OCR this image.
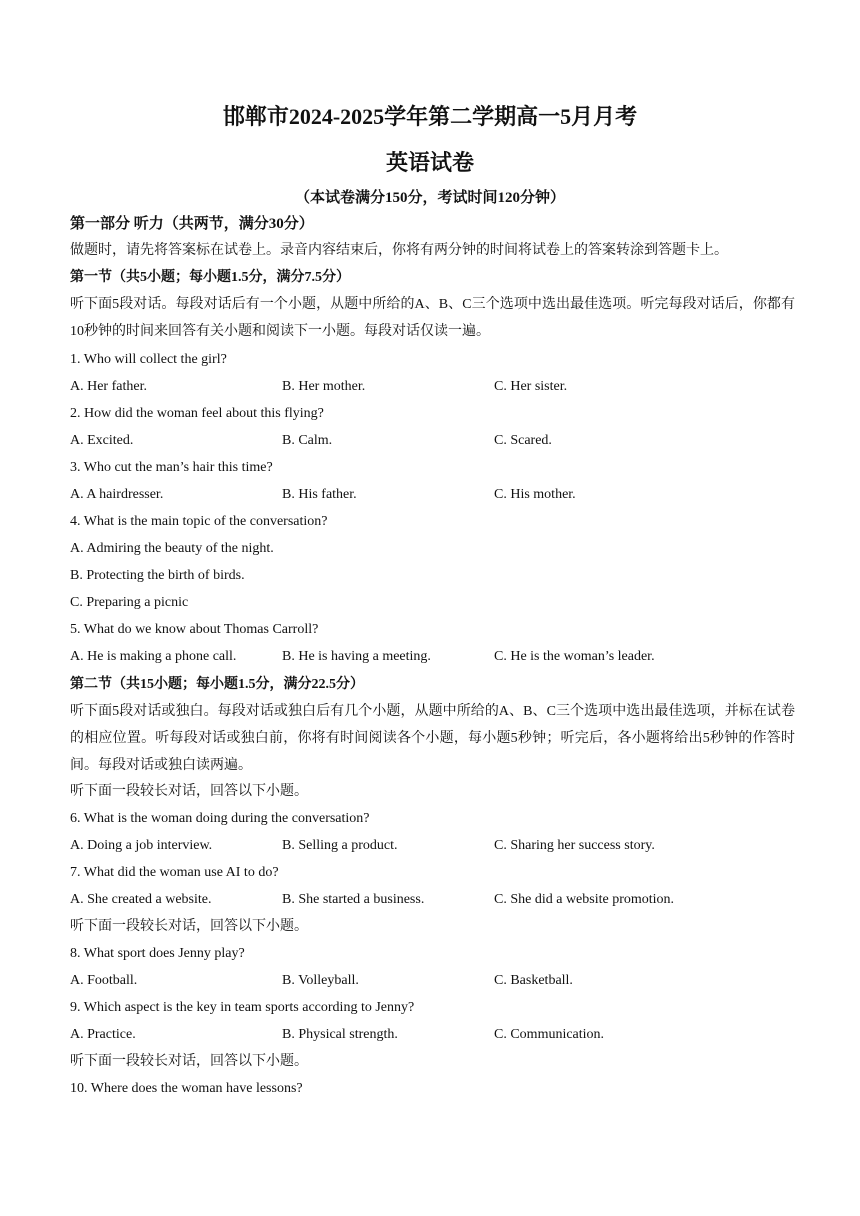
邯郸市2024-2025学年第二学期高一5月月考
英语试卷
（本试卷满分150分，考试时间120分钟）
第一部分 听力（共两节，满分30分）
做题时，请先将答案标在试卷上。录音内容结束后，你将有两分钟的时间将试卷上的答案转涂到答题卡上。
第一节（共5小题；每小题1.5分，满分7.5分）
听下面5段对话。每段对话后有一个小题，从题中所给的A、B、C三个选项中选出最佳选项。听完每段对话后，你都有10秒钟的时间来回答有关小题和阅读下一小题。每段对话仅读一遍。
1. Who will collect the girl?
A. Her father.	B. Her mother.	C. Her sister.
2. How did the woman feel about this flying?
A. Excited.	B. Calm.	C. Scared.
3. Who cut the man’s hair this time?
A. A hairdresser.	B. His father.	C. His mother.
4. What is the main topic of the conversation?
A. Admiring the beauty of the night.
B. Protecting the birth of birds.
C. Preparing a picnic
5. What do we know about Thomas Carroll?
A. He is making a phone call.	B. He is having a meeting.	C. He is the woman’s leader.
第二节（共15小题；每小题1.5分，满分22.5分）
听下面5段对话或独白。每段对话或独白后有几个小题，从题中所给的A、B、C三个选项中选出最佳选项，并标在试卷的相应位置。听每段对话或独白前，你将有时间阅读各个小题，每小题5秒钟；听完后，各小题将给出5秒钟的作答时间。每段对话或独白读两遍。
听下面一段较长对话，回答以下小题。
6. What is the woman doing during the conversation?
A. Doing a job interview.	B. Selling a product.	C. Sharing her success story.
7. What did the woman use AI to do?
A. She created a website.	B. She started a business.	C. She did a website promotion.
听下面一段较长对话，回答以下小题。
8. What sport does Jenny play?
A. Football.	B. Volleyball.	C. Basketball.
9. Which aspect is the key in team sports according to Jenny?
A. Practice.	B. Physical strength.	C. Communication.
听下面一段较长对话，回答以下小题。
10. Where does the woman have lessons?
